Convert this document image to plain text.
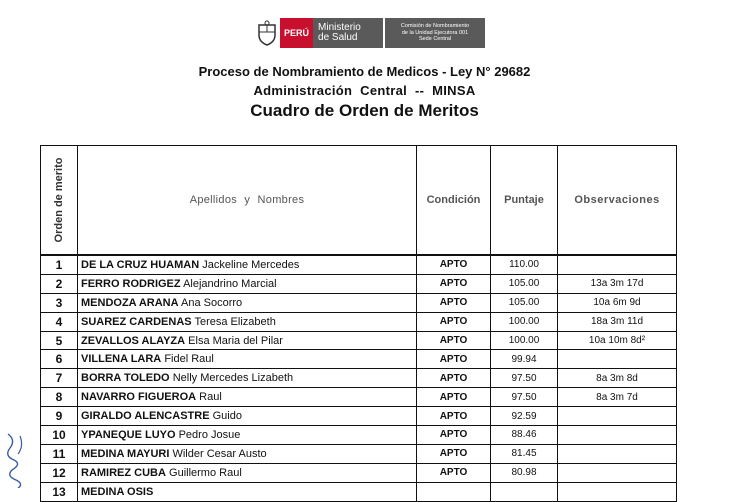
PERÚ Ministerio
de Salud
Comisión de Nombramiento
de la Unidad Ejecutora 001
Sede Central
Proceso de Nombramiento de Medicos - Ley N° 29682
Administración Central -- MINSA
Cuadro de Orden de Meritos
Orden de merito	Apellidos y Nombres	Condición	Puntaje	Observaciones
1	DE LA CRUZ HUAMAN Jackeline Mercedes	APTO	110.00	
2	FERRO RODRIGEZ Alejandrino Marcial	APTO	105.00	13a 3m 17d
3	MENDOZA ARANA Ana Socorro	APTO	105.00	10a 6m 9d
4	SUAREZ CARDENAS Teresa Elizabeth	APTO	100.00	18a 3m 11d
5	ZEVALLOS ALAYZA Elsa Maria del Pilar	APTO	100.00	10a 10m 8d²
6	VILLENA LARA Fidel Raul	APTO	99.94	
7	BORRA TOLEDO Nelly Mercedes Lizabeth	APTO	97.50	8a 3m 8d
8	NAVARRO FIGUEROA Raul	APTO	97.50	8a 3m 7d
9	GIRALDO ALENCASTRE Guido	APTO	92.59	
10	YPANEQUE LUYO Pedro Josue	APTO	88.46	
11	MEDINA MAYURI Wilder Cesar Austo	APTO	81.45	
12	RAMIREZ CUBA Guillermo Raul	APTO	80.98	
13	MEDINA OSIS			
